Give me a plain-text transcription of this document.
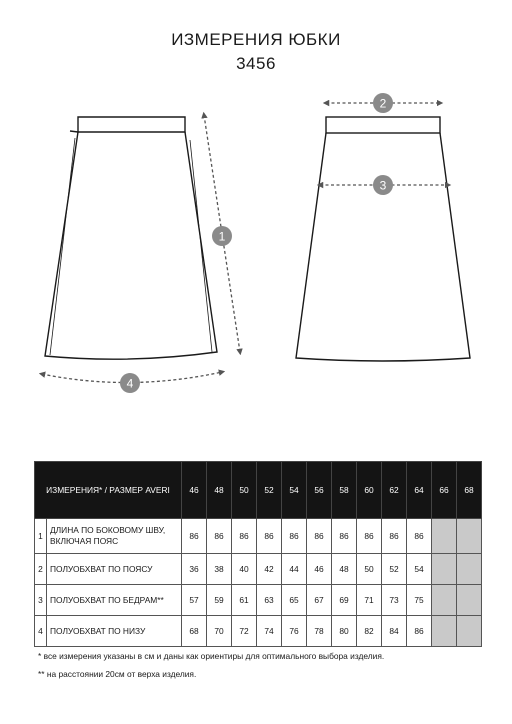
ИЗМЕРЕНИЯ ЮБКИ
3456
1
2
3
4
ИЗМЕРЕНИЯ* / РАЗМЕР AVERI		46	48	50	52	54	56	58	60	62	64	66	68
1	ДЛИНА ПО БОКОВОМУ ШВУ, ВКЛЮЧАЯ ПОЯС	86	86	86	86	86	86	86	86	86	86		
2	ПОЛУОБХВАТ ПО ПОЯСУ	36	38	40	42	44	46	48	50	52	54		
3	ПОЛУОБХВАТ ПО БЕДРАМ**	57	59	61	63	65	67	69	71	73	75		
4	ПОЛУОБХВАТ ПО НИЗУ	68	70	72	74	76	78	80	82	84	86		
* все измерения указаны в см и даны как ориентиры для оптимального выбора изделия.
** на расстоянии 20см от верха изделия.
